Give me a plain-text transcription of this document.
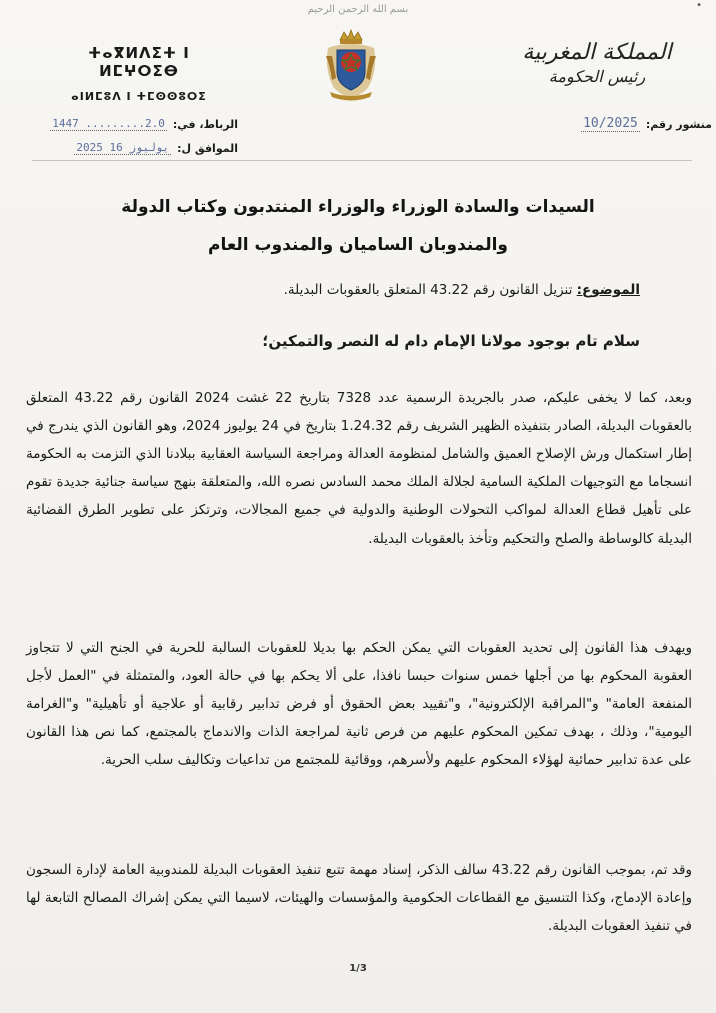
بسم الله الرحمن الرحيم	•
ⵜⴰⴳⵍⴷⵉⵜ ⵏ ⵍⵎⵖⵔⵉⴱ
ⴰⵏⵍⵎⵓⴷ ⵏ ⵜⵎⵙⵙⵓⵔⵉ
المملكة المغربية
رئيس الحكومة
منشور رقم:
10/2025
الرباط، في:
1447 .........2.0
الموافق ل:
2025 يوليوز 16
السيدات والسادة الوزراء والوزراء المنتدبون وكتاب الدولة
والمندوبان الساميان والمندوب العام
الموضوع: تنزيل القانون رقم 43.22 المتعلق بالعقوبات البديلة.
سلام تام بوجود مولانا الإمام دام له النصر والتمكين؛

وبعد، كما لا يخفى عليكم، صدر بالجريدة الرسمية عدد 7328 بتاريخ 22 غشت 2024 القانون رقم 43.22 المتعلق بالعقوبات البديلة، الصادر بتنفيذه الظهير الشريف رقم 1.24.32 بتاريخ في 24 يوليوز 2024، وهو القانون الذي يندرج في إطار استكمال ورش الإصلاح العميق والشامل لمنظومة العدالة ومراجعة السياسة العقابية ببلادنا الذي التزمت به الحكومة انسجاما مع التوجيهات الملكية السامية لجلالة الملك محمد السادس نصره الله، والمتعلقة بنهج سياسة جنائية جديدة تقوم على تأهيل قطاع العدالة لمواكب التحولات الوطنية والدولية في جميع المجالات، وترتكز على تطوير الطرق القضائية البديلة كالوساطة والصلح والتحكيم وتأخذ بالعقوبات البديلة.

ويهدف هذا القانون إلى تحديد العقوبات التي يمكن الحكم بها بديلا للعقوبات السالبة للحرية في الجنح التي لا تتجاوز العقوبة المحكوم بها من أجلها خمس سنوات حبسا نافذا، على ألا يحكم بها في حالة العود، والمتمثلة في "العمل لأجل المنفعة العامة" و"المراقبة الإلكترونية"، و"تقييد بعض الحقوق أو فرض تدابير رقابية أو علاجية أو تأهيلية" و"الغرامة اليومية"، وذلك ، بهدف تمكين المحكوم عليهم من فرص ثانية لمراجعة الذات والاندماج بالمجتمع، كما نص هذا القانون على عدة تدابير حمائية لهؤلاء المحكوم عليهم ولأسرهم، ووقائية للمجتمع من تداعيات وتكاليف سلب الحرية.

وقد تم، بموجب القانون رقم 43.22 سالف الذكر، إسناد مهمة تتبع تنفيذ العقوبات البديلة للمندوبية العامة لإدارة السجون وإعادة الإدماج، وكذا التنسيق مع القطاعات الحكومية والمؤسسات والهيئات، لاسيما التي يمكن إشراك المصالح التابعة لها في تنفيذ العقوبات البديلة.

1/3
